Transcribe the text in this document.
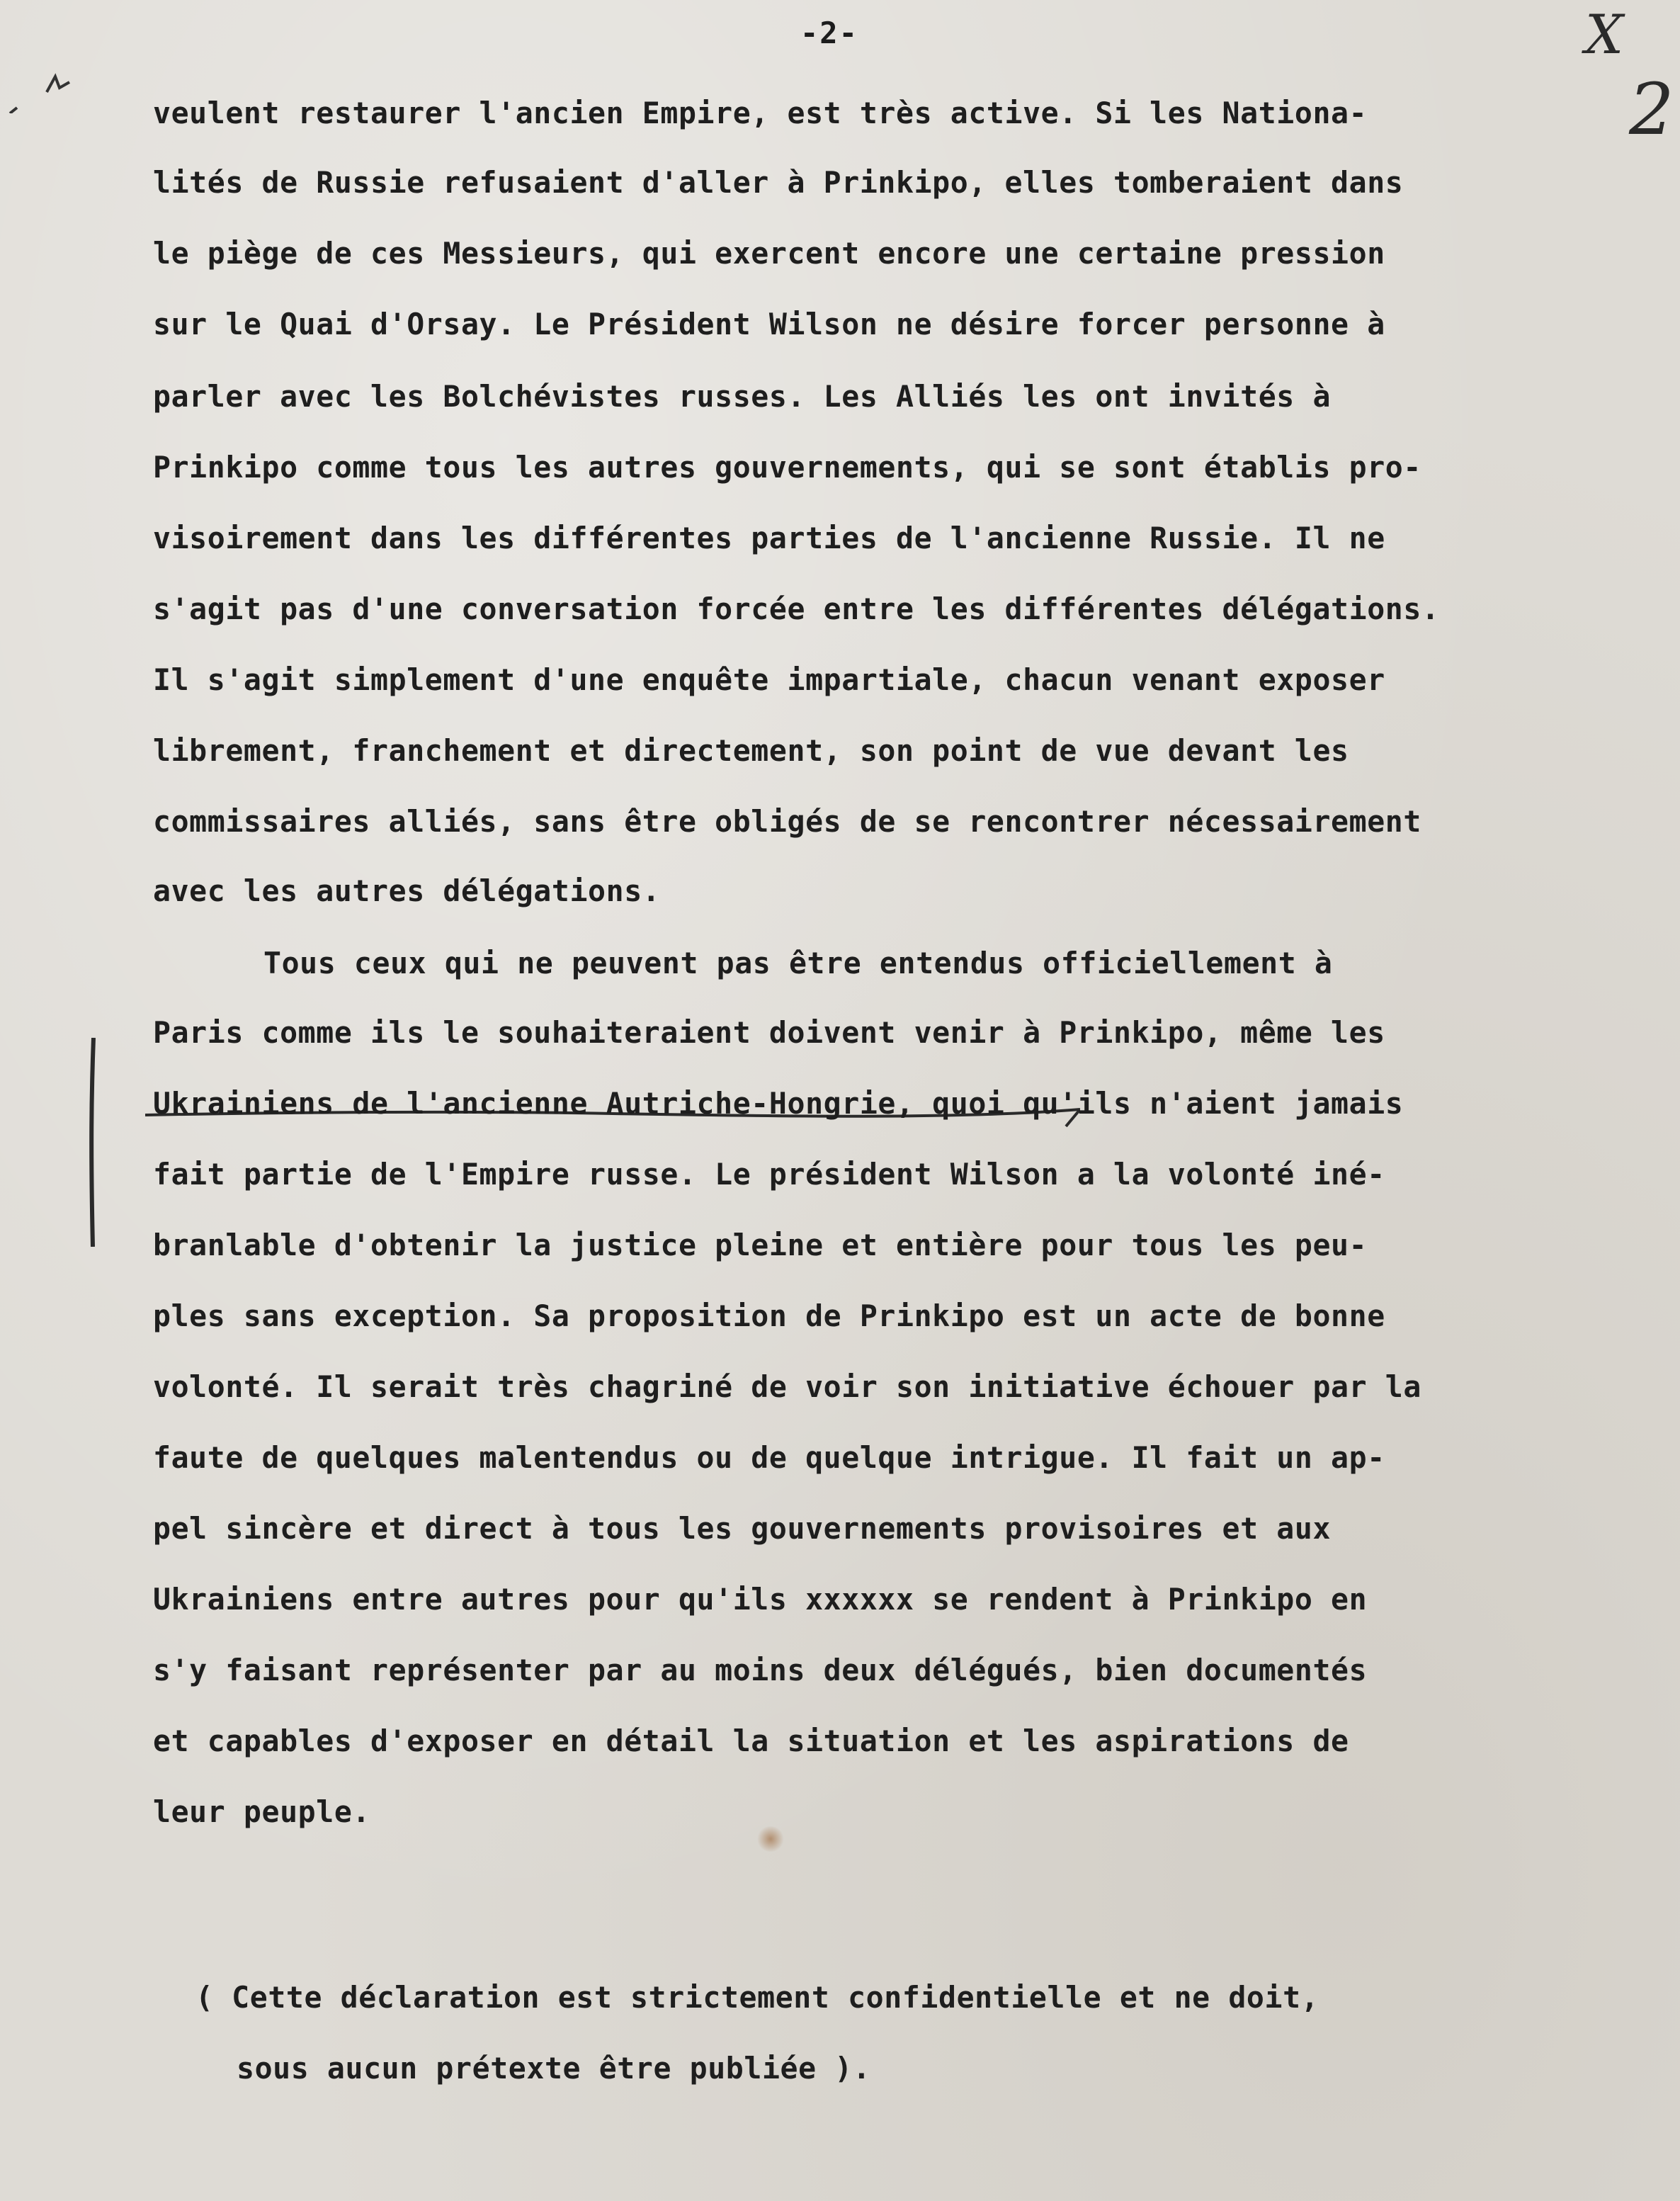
-2-	X
2
veulent restaurer l'ancien Empire, est très active. Si les Nationa-
lités de Russie refusaient d'aller à Prinkipo, elles tomberaient dans
le piège de ces Messieurs, qui exercent encore une certaine pression
sur le Quai d'Orsay. Le Président Wilson ne désire forcer personne à
parler avec les Bolchévistes russes. Les Alliés les ont invités à
Prinkipo comme tous les autres gouvernements, qui se sont établis pro-
visoirement dans les différentes parties de l'ancienne Russie. Il ne
s'agit pas d'une conversation forcée entre les différentes délégations.
Il s'agit simplement d'une enquête impartiale, chacun venant exposer
librement, franchement et directement, son point de vue devant les
commissaires alliés, sans être obligés de se rencontrer nécessairement
avec les autres délégations.
Tous ceux qui ne peuvent pas être entendus officiellement à
Paris comme ils le souhaiteraient doivent venir à Prinkipo, même les
Ukrainiens de l'ancienne Autriche-Hongrie, quoi qu'ils n'aient jamais
fait partie de l'Empire russe. Le président Wilson a la volonté iné-
branlable d'obtenir la justice pleine et entière pour tous les peu-
ples sans exception. Sa proposition de Prinkipo est un acte de bonne
volonté. Il serait très chagriné de voir son initiative échouer par la
faute de quelques malentendus ou de quelque intrigue. Il fait un ap-
pel sincère et direct à tous les gouvernements provisoires et aux
Ukrainiens entre autres pour qu'ils xxxxxx se rendent à Prinkipo en
s'y faisant représenter par au moins deux délégués, bien documentés
et capables d'exposer en détail la situation et les aspirations de
leur peuple.
( Cette déclaration est strictement confidentielle et ne doit,
sous aucun prétexte être publiée ).
